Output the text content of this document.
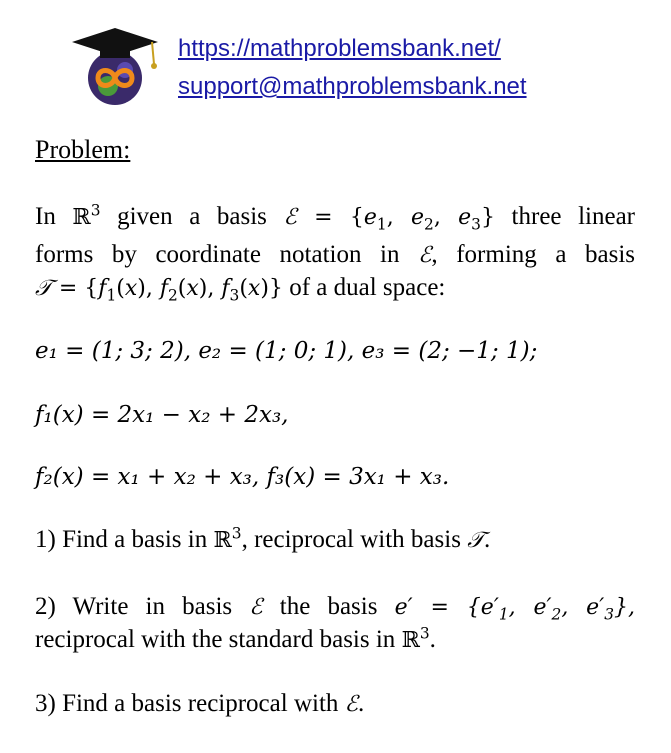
https://mathproblemsbank.net/
support@mathproblemsbank.net
Problem:
In ℝ$^3$ given a basis ℰ = {$e_1$, $e_2$, $e_3$} three linear
forms by coordinate notation in ℰ, forming a basis
𝒯 = {$f_1(x)$, $f_2(x)$, $f_3(x)$} of a dual space:
e₁ = (1; 3; 2), e₂ = (1; 0; 1), e₃ = (2; −1; 1);
f₁(x) = 2x₁ − x₂ + 2x₃,
f₂(x) = x₁ + x₂ + x₃, f₃(x) = 3x₁ + x₃.
1) Find a basis in ℝ$^3$, reciprocal with basis 𝒯.
2) Write in basis ℰ the basis $e' = \{e'_1$, $e'_2$, $e'_3$},
reciprocal with the standard basis in ℝ$^3$.
3) Find a basis reciprocal with ℰ.
